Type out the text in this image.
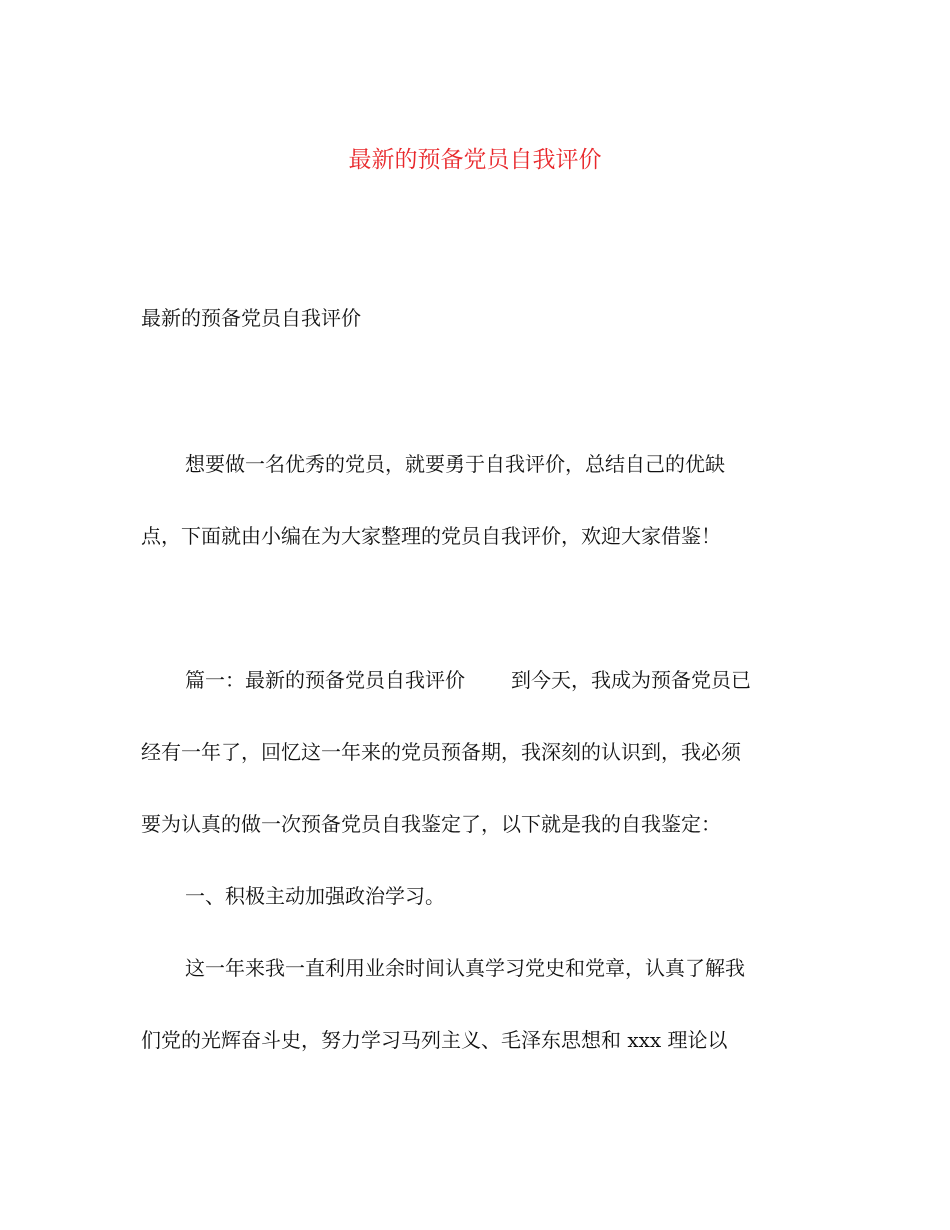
最新的预备党员自我评价
最新的预备党员自我评价
想要做一名优秀的党员，就要勇于自我评价，总结自己的优缺
点，下面就由小编在为大家整理的党员自我评价，欢迎大家借鉴！
篇一：最新的预备党员自我评价 到今天，我成为预备党员已
经有一年了，回忆这一年来的党员预备期，我深刻的认识到，我必须
要为认真的做一次预备党员自我鉴定了，以下就是我的自我鉴定：
一、积极主动加强政治学习。
这一年来我一直利用业余时间认真学习党史和党章，认真了解我
们党的光辉奋斗史，努力学习马列主义、毛泽东思想和 xxx 理论以
